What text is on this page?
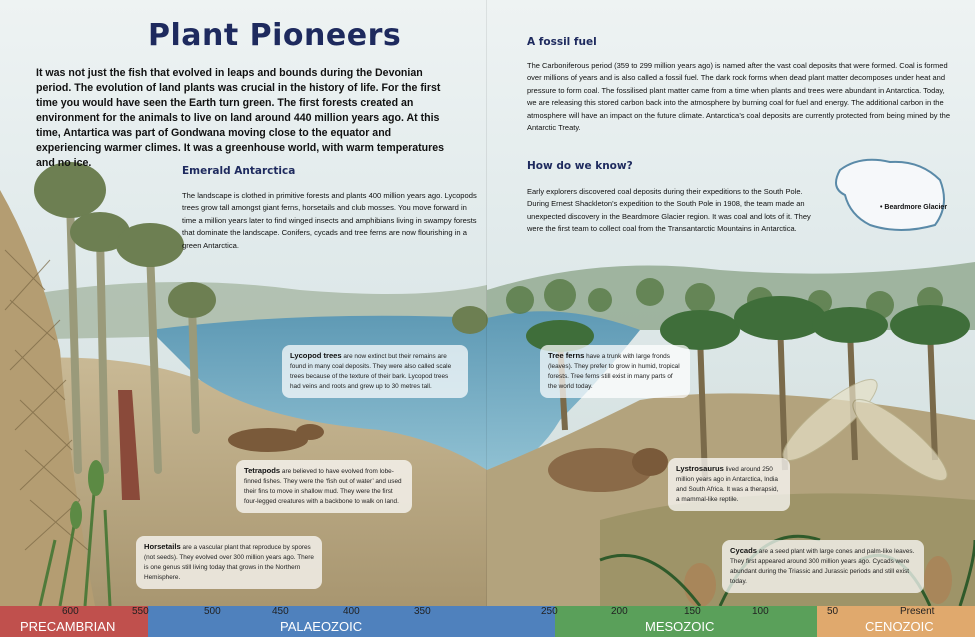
Plant Pioneers
It was not just the fish that evolved in leaps and bounds during the Devonian period. The evolution of land plants was crucial in the history of life. For the first time you would have seen the Earth turn green. The first forests created an environment for the animals to live on land around 440 million years ago. At this time, Antartica was part of Gondwana moving close to the equator and experiencing warmer climes. It was a greenhouse world, with warm temperatures and no ice.
Emerald Antarctica
The landscape is clothed in primitive forests and plants 400 million years ago. Lycopods trees grow tall amongst giant ferns, horsetails and club mosses. You move forward in time a million years later to find winged insects and amphibians living in swampy forests that dominate the landscape. Conifers, cycads and tree ferns are now flourishing in a green Antarctica.
Lycopod trees are now extinct but their remains are found in many coal deposits. They were also called scale trees because of the texture of their bark. Lycopod trees had veins and roots and grew up to 30 metres tall.
Tetrapods are believed to have evolved from lobe-finned fishes. They were the ‘fish out of water’ and used their fins to move in shallow mud. They were the first four-legged creatures with a backbone to walk on land.
Horsetails are a vascular plant that reproduce by spores (not seeds). They evolved over 300 million years ago. There is one genus still living today that grows in the Northern Hemisphere.
A fossil fuel
The Carboniferous period (359 to 299 million years ago) is named after the vast coal deposits that were formed. Coal is formed over millions of years and is also called a fossil fuel. The dark rock forms when dead plant matter decomposes under heat and pressure to form coal. The fossilised plant matter came from a time when plants and trees were abundant in Antarctica. Today, we are releasing this stored carbon back into the atmosphere by burning coal for fuel and energy. The additional carbon in the atmosphere will have an impact on the future climate. Antarctica’s coal deposits are currently protected from being mined by the Antarctic Treaty.
How do we know?
Early explorers discovered coal deposits during their expeditions to the South Pole. During Ernest Shackleton’s expedition to the South Pole in 1908, the team made an unexpected discovery in the Beardmore Glacier region. It was coal and lots of it. They were the first team to collect coal from the Transantarctic Mountains in Antarctica.
• Beardmore Glacier
Tree ferns have a trunk with large fronds (leaves). They prefer to grow in humid, tropical forests. Tree ferns still exist in many parts of the world today.
Lystrosaurus lived around 250 million years ago in Antarctica, India and South Africa. It was a therapsid, a mammal-like reptile.
Cycads are a seed plant with large cones and palm-like leaves. They first appeared around 300 million years ago. Cycads were abundant during the Triassic and Jurassic periods and still exist today.
PRECAMBRIAN	PALAEOZOIC	MESOZOIC	CENOZOIC
600	550	500	450	400	350	250	200	150	100	50	Present
